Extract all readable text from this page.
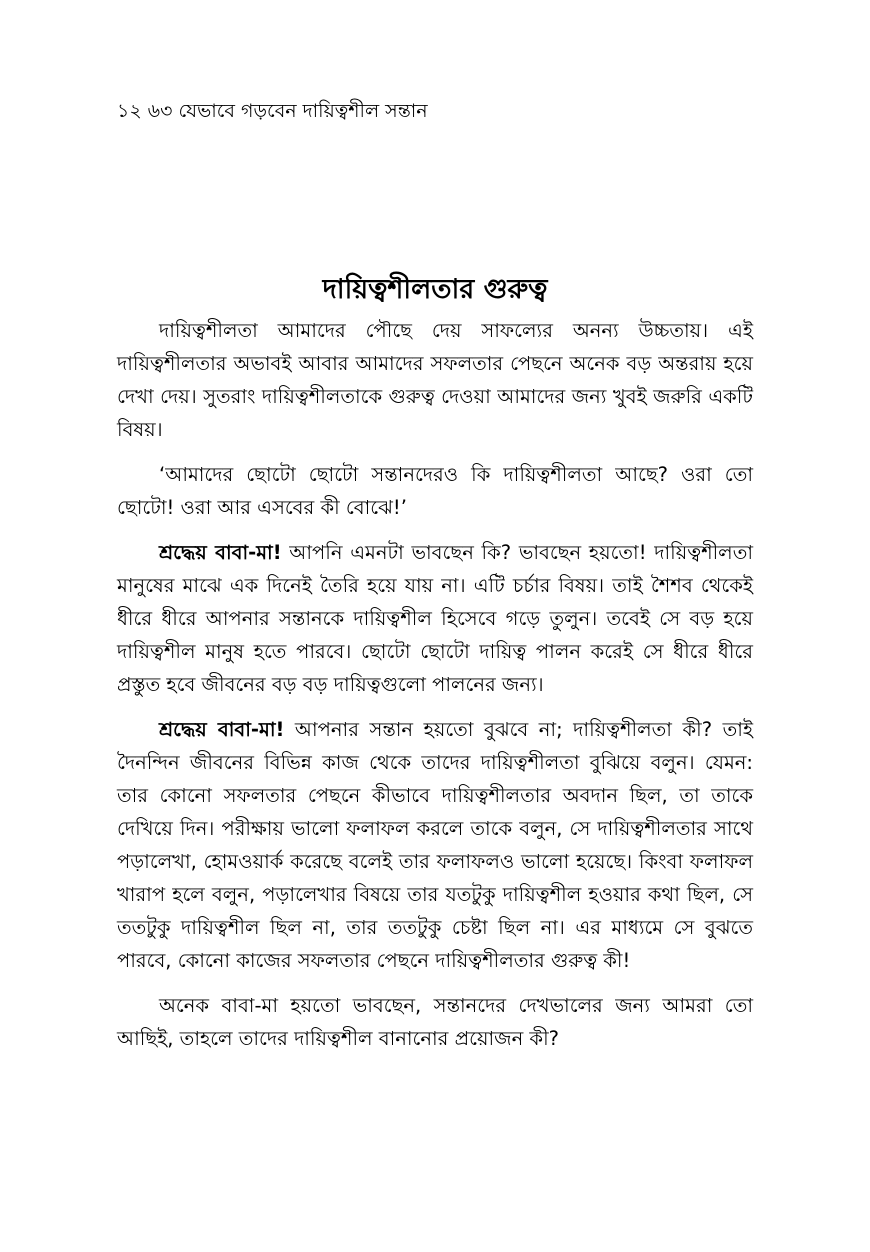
১২ ৬৩ যেভাবে গড়বেন দায়িত্বশীল সন্তান
দায়িত্বশীলতার গুরুত্ব

দায়িত্বশীলতা আমাদের পৌছে দেয় সাফল্যের অনন্য উচ্চতায়। এই দায়িত্বশীলতার অভাবই আবার আমাদের সফলতার পেছনে অনেক বড় অন্তরায় হয়ে দেখা দেয়। সুতরাং দায়িত্বশীলতাকে গুরুত্ব দেওয়া আমাদের জন্য খুবই জরুরি একটি বিষয়।

‘আমাদের ছোটো ছোটো সন্তানদেরও কি দায়িত্বশীলতা আছে? ওরা তো ছোটো! ওরা আর এসবের কী বোঝে!’

শ্রদ্ধেয় বাবা-মা! আপনি এমনটা ভাবছেন কি? ভাবছেন হয়তো! দায়িত্বশীলতা মানুষের মাঝে এক দিনেই তৈরি হয়ে যায় না। এটি চর্চার বিষয়। তাই শৈশব থেকেই ধীরে ধীরে আপনার সন্তানকে দায়িত্বশীল হিসেবে গড়ে তুলুন। তবেই সে বড় হয়ে দায়িত্বশীল মানুষ হতে পারবে। ছোটো ছোটো দায়িত্ব পালন করেই সে ধীরে ধীরে প্রস্তুত হবে জীবনের বড় বড় দায়িত্বগুলো পালনের জন্য।

শ্রদ্ধেয় বাবা-মা! আপনার সন্তান হয়তো বুঝবে না; দায়িত্বশীলতা কী? তাই দৈনন্দিন জীবনের বিভিন্ন কাজ থেকে তাদের দায়িত্বশীলতা বুঝিয়ে বলুন। যেমন: তার কোনো সফলতার পেছনে কীভাবে দায়িত্বশীলতার অবদান ছিল, তা তাকে দেখিয়ে দিন। পরীক্ষায় ভালো ফলাফল করলে তাকে বলুন, সে দায়িত্বশীলতার সাথে পড়ালেখা, হোমওয়ার্ক করেছে বলেই তার ফলাফলও ভালো হয়েছে। কিংবা ফলাফল খারাপ হলে বলুন, পড়ালেখার বিষয়ে তার যতটুকু দায়িত্বশীল হওয়ার কথা ছিল, সে ততটুকু দায়িত্বশীল ছিল না, তার ততটুকু চেষ্টা ছিল না। এর মাধ্যমে সে বুঝতে পারবে, কোনো কাজের সফলতার পেছনে দায়িত্বশীলতার গুরুত্ব কী!

অনেক বাবা-মা হয়তো ভাবছেন, সন্তানদের দেখভালের জন্য আমরা তো আছিই, তাহলে তাদের দায়িত্বশীল বানানোর প্রয়োজন কী?
